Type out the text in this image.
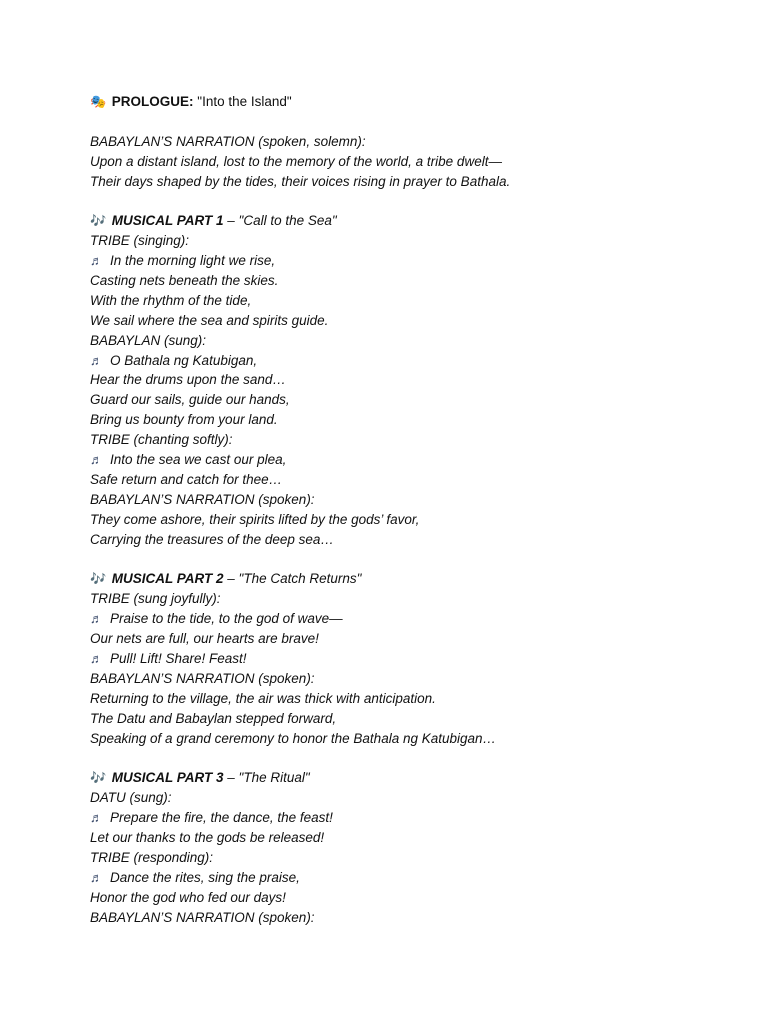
🎭 PROLOGUE: "Into the Island"
BABAYLAN’S NARRATION (spoken, solemn):
Upon a distant island, lost to the memory of the world, a tribe dwelt—
Their days shaped by the tides, their voices rising in prayer to Bathala.
🎶 MUSICAL PART 1 – "Call to the Sea"
TRIBE (singing):
♬ In the morning light we rise,
Casting nets beneath the skies.
With the rhythm of the tide,
We sail where the sea and spirits guide.
BABAYLAN (sung):
♬ O Bathala ng Katubigan,
Hear the drums upon the sand…
Guard our sails, guide our hands,
Bring us bounty from your land.
TRIBE (chanting softly):
♬ Into the sea we cast our plea,
Safe return and catch for thee…
BABAYLAN’S NARRATION (spoken):
They come ashore, their spirits lifted by the gods’ favor,
Carrying the treasures of the deep sea…
🎶 MUSICAL PART 2 – "The Catch Returns"
TRIBE (sung joyfully):
♬ Praise to the tide, to the god of wave—
Our nets are full, our hearts are brave!
♬ Pull! Lift! Share! Feast!
BABAYLAN’S NARRATION (spoken):
Returning to the village, the air was thick with anticipation.
The Datu and Babaylan stepped forward,
Speaking of a grand ceremony to honor the Bathala ng Katubigan…
🎶 MUSICAL PART 3 – "The Ritual"
DATU (sung):
♬ Prepare the fire, the dance, the feast!
Let our thanks to the gods be released!
TRIBE (responding):
♬ Dance the rites, sing the praise,
Honor the god who fed our days!
BABAYLAN’S NARRATION (spoken):
